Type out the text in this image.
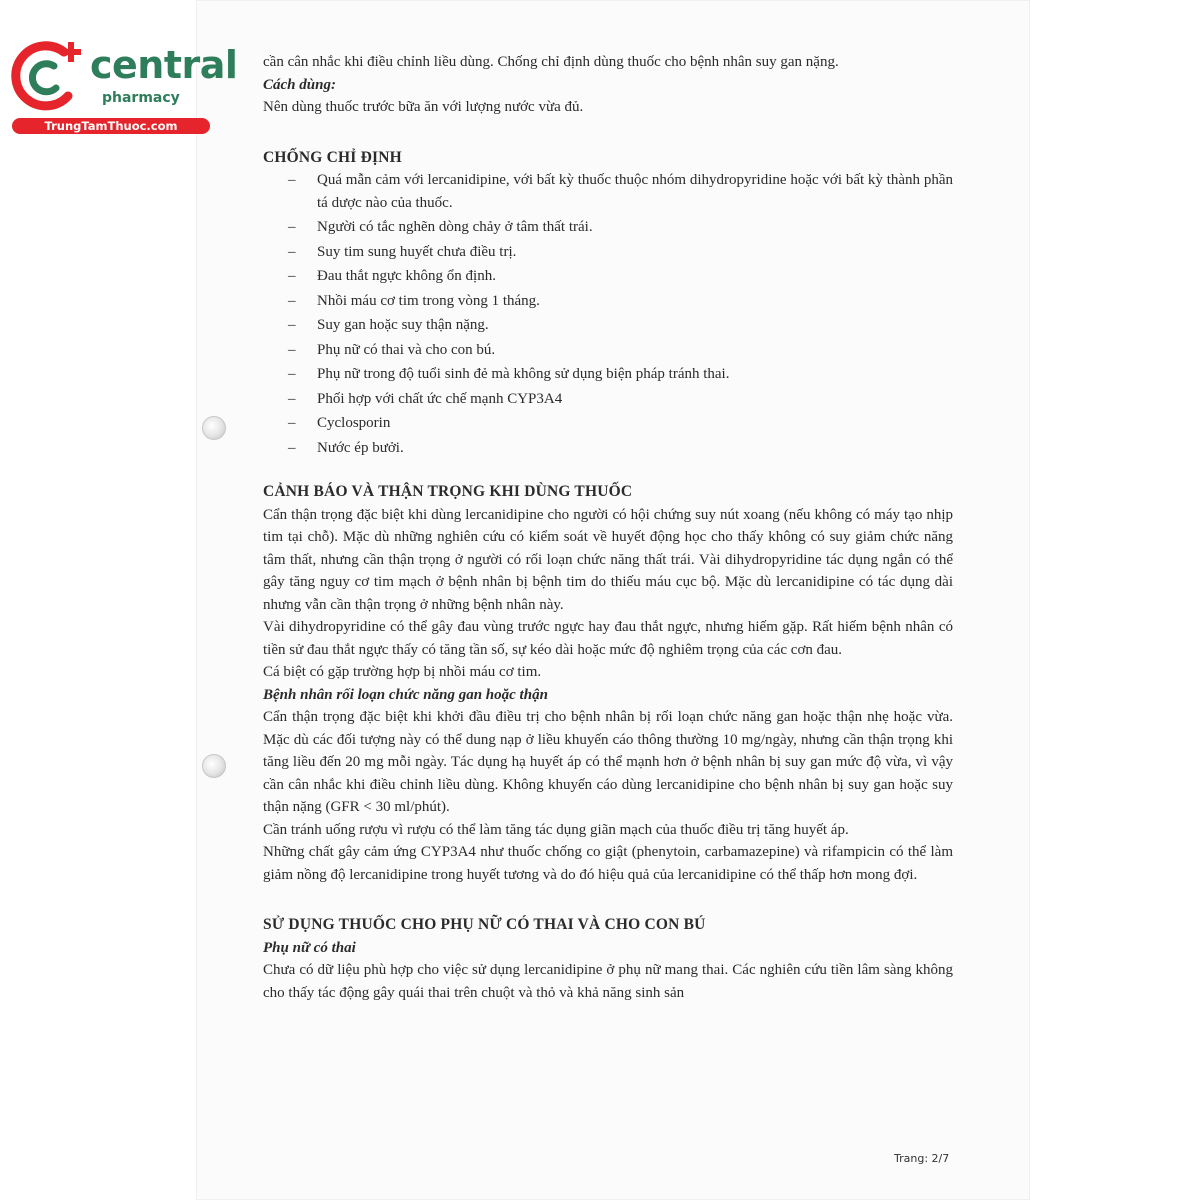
central
pharmacy
TrungTamThuoc.com

cần cân nhắc khi điều chỉnh liều dùng. Chống chỉ định dùng thuốc cho bệnh nhân suy gan nặng.

Cách dùng:

Nên dùng thuốc trước bữa ăn với lượng nước vừa đủ.

CHỐNG CHỈ ĐỊNH
– Quá mẫn cảm với lercanidipine, với bất kỳ thuốc thuộc nhóm dihydropyridine hoặc với bất kỳ thành phần tá dược nào của thuốc.
– Người có tắc nghẽn dòng chảy ở tâm thất trái.
– Suy tim sung huyết chưa điều trị.
– Đau thắt ngực không ổn định.
– Nhồi máu cơ tim trong vòng 1 tháng.
– Suy gan hoặc suy thận nặng.
– Phụ nữ có thai và cho con bú.
– Phụ nữ trong độ tuổi sinh đẻ mà không sử dụng biện pháp tránh thai.
– Phối hợp với chất ức chế mạnh CYP3A4
– Cyclosporin
– Nước ép bưởi.
CẢNH BÁO VÀ THẬN TRỌNG KHI DÙNG THUỐC

Cẩn thận trọng đặc biệt khi dùng lercanidipine cho người có hội chứng suy nút xoang (nếu không có máy tạo nhịp tim tại chỗ). Mặc dù những nghiên cứu có kiểm soát về huyết động học cho thấy không có suy giảm chức năng tâm thất, nhưng cần thận trọng ở người có rối loạn chức năng thất trái. Vài dihydropyridine tác dụng ngắn có thể gây tăng nguy cơ tim mạch ở bệnh nhân bị bệnh tim do thiếu máu cục bộ. Mặc dù lercanidipine có tác dụng dài nhưng vẫn cần thận trọng ở những bệnh nhân này.

Vài dihydropyridine có thể gây đau vùng trước ngực hay đau thắt ngực, nhưng hiếm gặp. Rất hiếm bệnh nhân có tiền sử đau thắt ngực thấy có tăng tần số, sự kéo dài hoặc mức độ nghiêm trọng của các cơn đau.

Cá biệt có gặp trường hợp bị nhồi máu cơ tim.

Bệnh nhân rối loạn chức năng gan hoặc thận

Cẩn thận trọng đặc biệt khi khởi đầu điều trị cho bệnh nhân bị rối loạn chức năng gan hoặc thận nhẹ hoặc vừa. Mặc dù các đối tượng này có thể dung nạp ở liều khuyến cáo thông thường 10 mg/ngày, nhưng cần thận trọng khi tăng liều đến 20 mg mỗi ngày. Tác dụng hạ huyết áp có thể mạnh hơn ở bệnh nhân bị suy gan mức độ vừa, vì vậy cần cân nhắc khi điều chỉnh liều dùng. Không khuyến cáo dùng lercanidipine cho bệnh nhân bị suy gan hoặc suy thận nặng (GFR < 30 ml/phút).

Cần tránh uống rượu vì rượu có thể làm tăng tác dụng giãn mạch của thuốc điều trị tăng huyết áp.

Những chất gây cảm ứng CYP3A4 như thuốc chống co giật (phenytoin, carbamazepine) và rifampicin có thể làm giảm nồng độ lercanidipine trong huyết tương và do đó hiệu quả của lercanidipine có thể thấp hơn mong đợi.

SỬ DỤNG THUỐC CHO PHỤ NỮ CÓ THAI VÀ CHO CON BÚ

Phụ nữ có thai

Chưa có dữ liệu phù hợp cho việc sử dụng lercanidipine ở phụ nữ mang thai. Các nghiên cứu tiền lâm sàng không cho thấy tác động gây quái thai trên chuột và thỏ và khả năng sinh sản

Trang: 2/7
